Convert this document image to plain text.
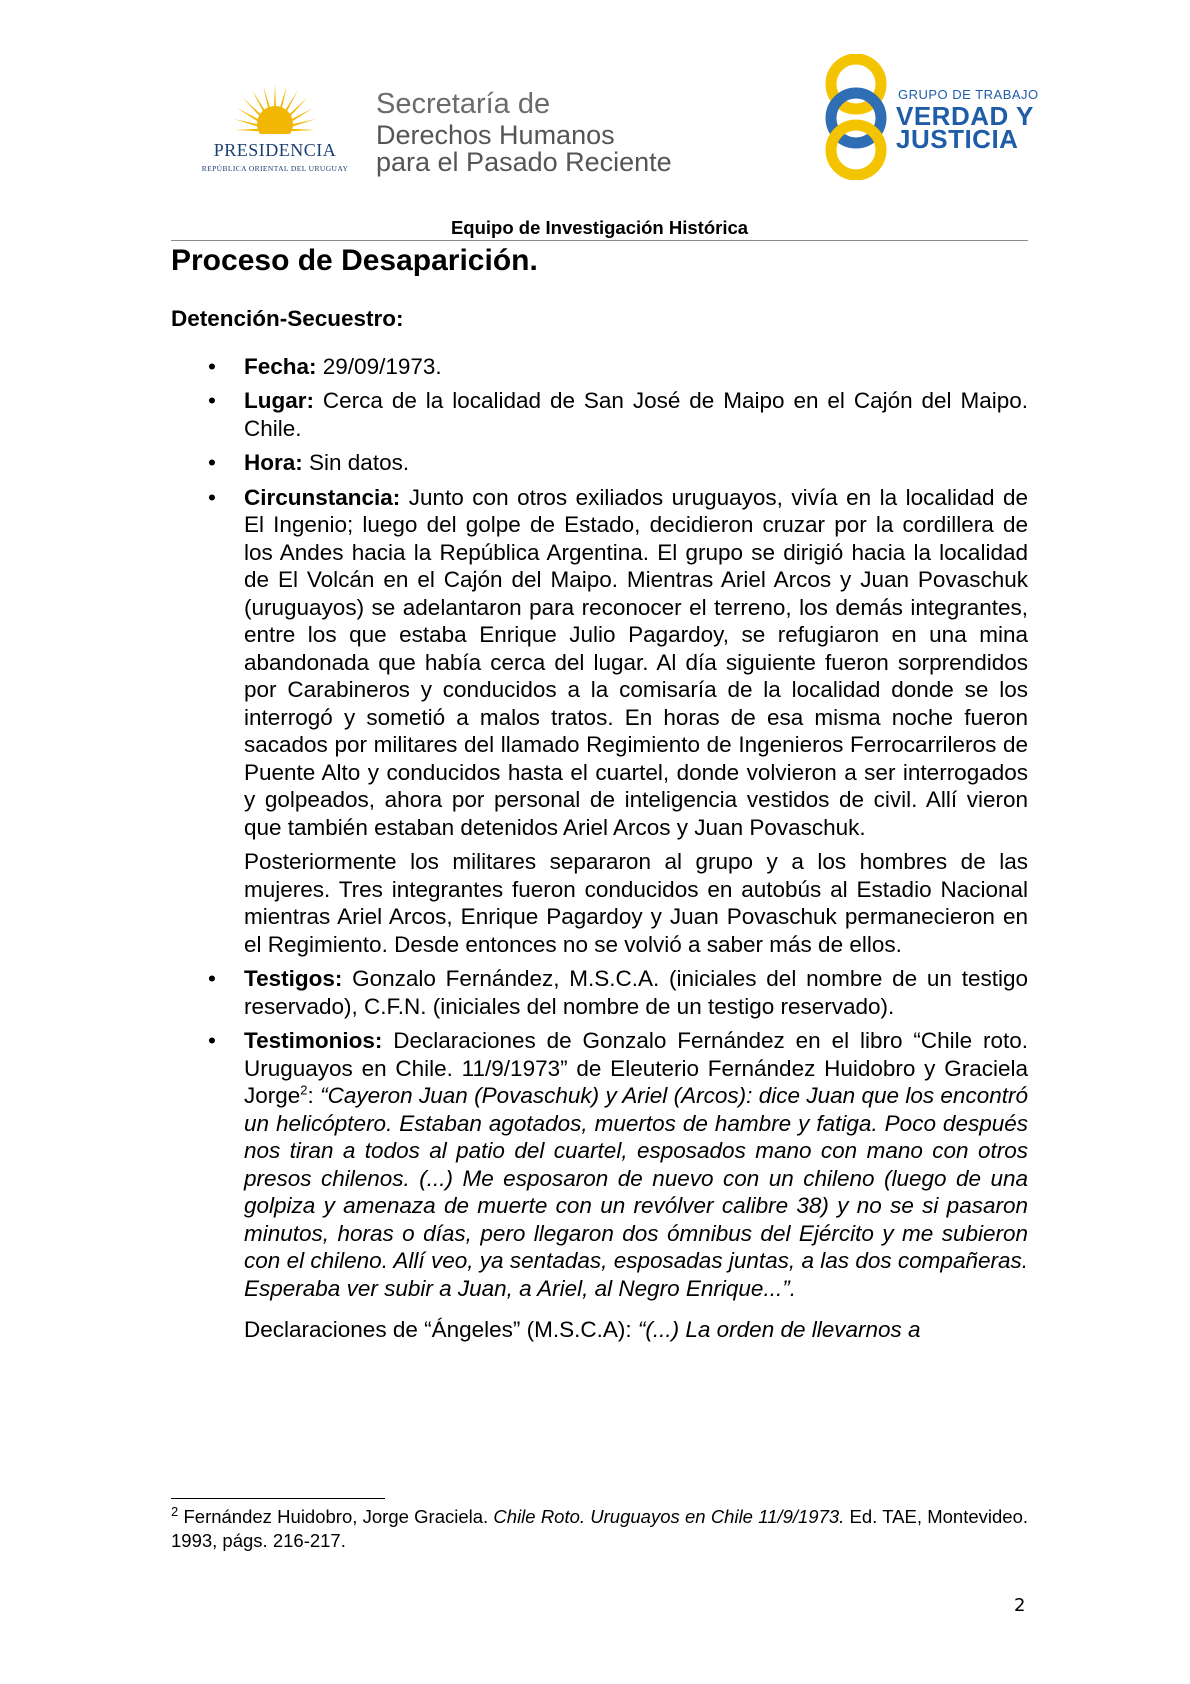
PRESIDENCIA
REPÚBLICA ORIENTAL DEL URUGUAY
Secretaría de
Derechos Humanos
para el Pasado Reciente
GRUPO DE TRABAJO
VERDAD Y
JUSTICIA
Equipo de Investigación Histórica
Proceso de Desaparición.
Detención-Secuestro:
• Fecha: 29/09/1973.

• Lugar: Cerca de la localidad de San José de Maipo en el Cajón del Maipo. Chile.

• Hora: Sin datos.

• Circunstancia: Junto con otros exiliados uruguayos, vivía en la localidad de El Ingenio; luego del golpe de Estado, decidieron cruzar por la cordillera de los Andes hacia la República Argentina. El grupo se dirigió hacia la localidad de El Volcán en el Cajón del Maipo. Mientras Ariel Arcos y Juan Povaschuk (uruguayos) se adelantaron para reconocer el terreno, los demás integrantes, entre los que estaba Enrique Julio Pagardoy, se refugiaron en una mina abandonada que había cerca del lugar. Al día siguiente fueron sorprendidos por Carabineros y conducidos a la comisaría de la localidad donde se los interrogó y sometió a malos tratos. En horas de esa misma noche fueron sacados por militares del llamado Regimiento de Ingenieros Ferrocarrileros de Puente Alto y conducidos hasta el cuartel, donde volvieron a ser interrogados y golpeados, ahora por personal de inteligencia vestidos de civil. Allí vieron que también estaban detenidos Ariel Arcos y Juan Povaschuk.

Posteriormente los militares separaron al grupo y a los hombres de las mujeres. Tres integrantes fueron conducidos en autobús al Estadio Nacional mientras Ariel Arcos, Enrique Pagardoy y Juan Povaschuk permanecieron en el Regimiento. Desde entonces no se volvió a saber más de ellos.

• Testigos: Gonzalo Fernández, M.S.C.A. (iniciales del nombre de un testigo reservado), C.F.N. (iniciales del nombre de un testigo reservado).

• Testimonios: Declaraciones de Gonzalo Fernández en el libro “Chile roto. Uruguayos en Chile. 11/9/1973” de Eleuterio Fernández Huidobro y Graciela Jorge$^2$: “Cayeron Juan (Povaschuk) y Ariel (Arcos): dice Juan que los encontró un helicóptero. Estaban agotados, muertos de hambre y fatiga. Poco después nos tiran a todos al patio del cuartel, esposados mano con mano con otros presos chilenos. (...) Me esposaron de nuevo con un chileno (luego de una golpiza y amenaza de muerte con un revólver calibre 38) y no se si pasaron minutos, horas o días, pero llegaron dos ómnibus del Ejército y me subieron con el chileno. Allí veo, ya sentadas, esposadas juntas, a las dos compañeras. Esperaba ver subir a Juan, a Ariel, al Negro Enrique...”.

Declaraciones de “Ángeles” (M.S.C.A): “(...) La orden de llevarnos a

$^2$ Fernández Huidobro, Jorge Graciela. Chile Roto. Uruguayos en Chile 11/9/1973. Ed. TAE, Montevideo. 1993, págs. 216-217.
2
